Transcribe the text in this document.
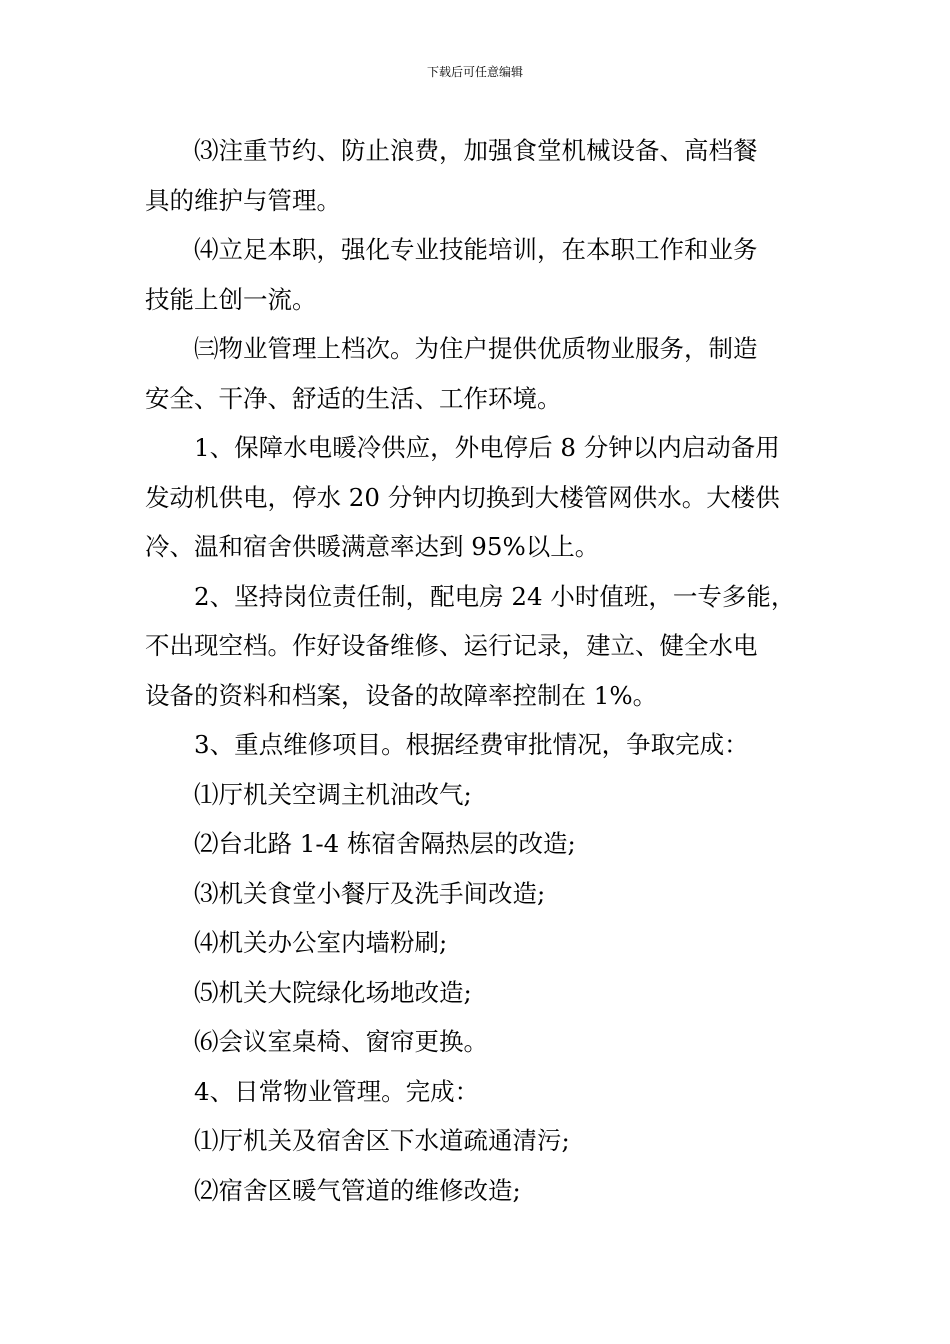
下载后可任意编辑
⑶注重节约、防止浪费，加强食堂机械设备、高档餐
具的维护与管理。
⑷立足本职，强化专业技能培训，在本职工作和业务
技能上创一流。
㈢物业管理上档次。为住户提供优质物业服务，制造
安全、干净、舒适的生活、工作环境。
1、保障水电暖冷供应，外电停后 8 分钟以内启动备用
发动机供电，停水 20 分钟内切换到大楼管网供水。大楼供
冷、温和宿舍供暖满意率达到 95%以上。
2、坚持岗位责任制，配电房 24 小时值班，一专多能，
不出现空档。作好设备维修、运行记录，建立、健全水电
设备的资料和档案，设备的故障率控制在 1%。
3、重点维修项目。根据经费审批情况，争取完成：
⑴厅机关空调主机油改气;
⑵台北路 1-4 栋宿舍隔热层的改造;
⑶机关食堂小餐厅及洗手间改造;
⑷机关办公室内墙粉刷;
⑸机关大院绿化场地改造;
⑹会议室桌椅、窗帘更换。
4、日常物业管理。完成：
⑴厅机关及宿舍区下水道疏通清污;
⑵宿舍区暖气管道的维修改造;
